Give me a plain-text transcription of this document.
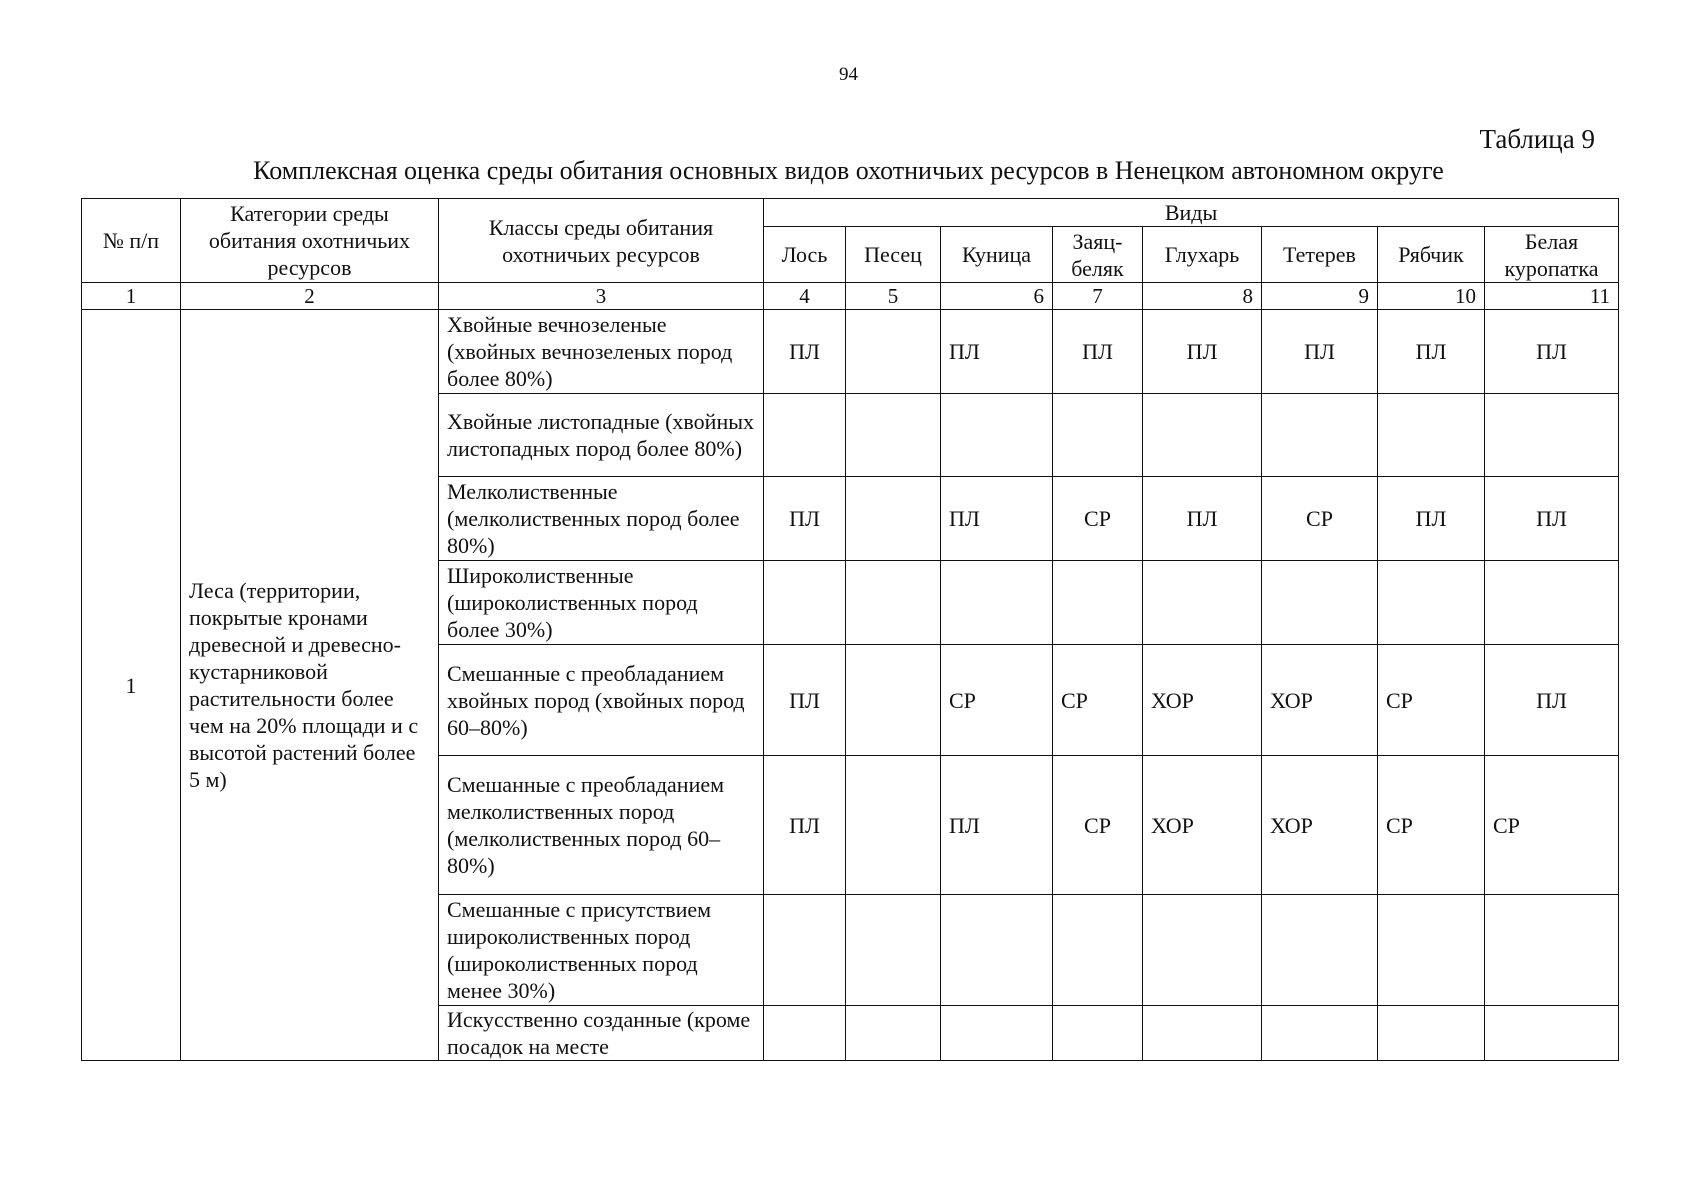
94
Таблица 9
Комплексная оценка среды обитания основных видов охотничьих ресурсов в Ненецком автономном округе
№ п/п	Категории среды обитания охотничьих ресурсов	Классы среды обитания охотничьих ресурсов	Виды							
			Лось	Песец	Куница	Заяц-беляк	Глухарь	Тетерев	Рябчик	Белая куропатка
1	2	3	4	5	6	7	8	9	10	11
1	Леса (территории, покрытые кронами древесной и древесно-кустарниковой растительности более чем на 20% площади и с высотой растений более 5 м)	Хвойные вечнозеленые (хвойных вечнозеленых пород более 80%)	ПЛ		ПЛ	ПЛ	ПЛ	ПЛ	ПЛ	ПЛ
		Хвойные листопадные (хвойных листопадных пород более 80%)								
		Мелколиственные (мелколиственных пород более 80%)	ПЛ		ПЛ	СР	ПЛ	СР	ПЛ	ПЛ
		Широколиственные (широколиственных пород более 30%)								
		Смешанные с преобладанием хвойных пород (хвойных пород 60–80%)	ПЛ		СР	СР	ХОР	ХОР	СР	ПЛ
		Смешанные с преобладанием мелколиственных пород (мелколиственных пород 60–80%)	ПЛ		ПЛ	СР	ХОР	ХОР	СР	СР
		Смешанные с присутствием широколиственных пород (широколиственных пород менее 30%)								
		Искусственно созданные (кроме посадок на месте								
